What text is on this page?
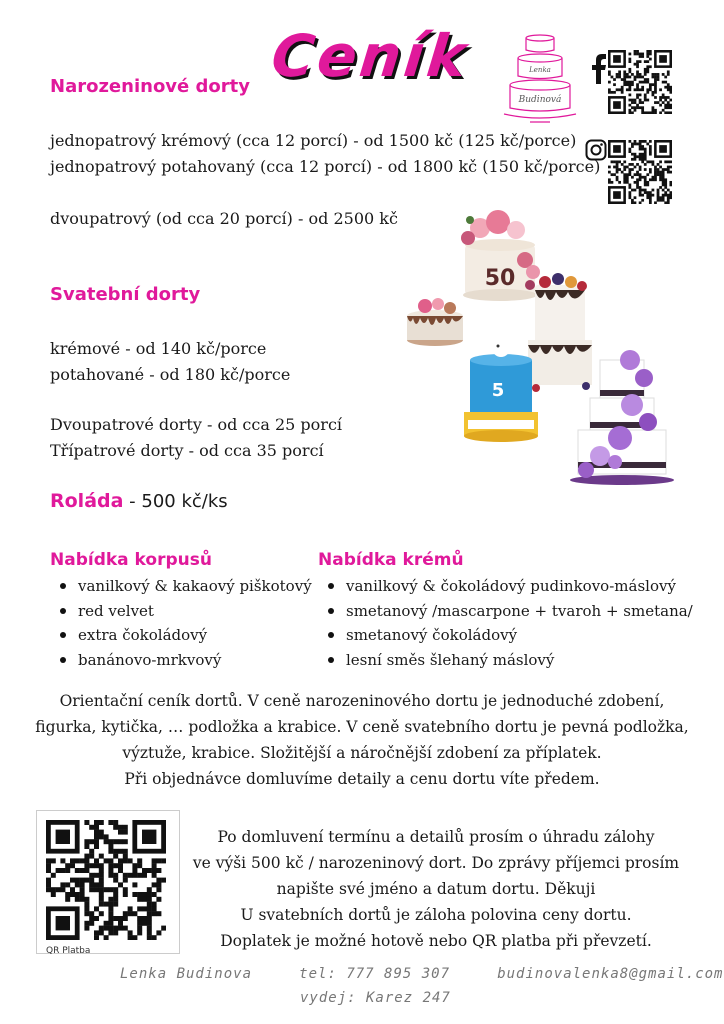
Ceník	Lenka
Budinová
Narozeninové dorty
jednopatrový krémový (cca 12 porcí) - od 1500 kč (125 kč/porce)
jednopatrový potahovaný (cca 12 porcí) - od 1800 kč (150 kč/porce)
dvoupatrový (od cca 20 porcí) - od 2500 kč
Svatební dorty
krémové - od 140 kč/porce
potahované - od 180 kč/porce
Dvoupatrové dorty - od cca 25 porcí
Třípatrové dorty - od cca 35 porcí
50
5
Roláda - 500 kč/ks
Nabídka korpusů
vanilkový & kakaový piškotový
red velvet
extra čokoládový
banánovo-mrkvový
Nabídka krémů
vanilkový & čokoládový pudinkovo-máslový
smetanový /mascarpone + tvaroh + smetana/
smetanový čokoládový
lesní směs šlehaný máslový
Orientační ceník dortů. V ceně narozeninového dortu je jednoduché zdobení,
figurka, kytička, … podložka a krabice. V ceně svatebního dortu je pevná podložka,
výztuže, krabice. Složitější a náročnější zdobení za příplatek.
Při objednávce domluvíme detaily a cenu dortu víte předem.
QR Platba
Po domluvení termínu a detailů prosím o úhradu zálohy
ve výši 500 kč / narozeninový dort. Do zprávy příjemci prosím
napište své jméno a datum dortu. Děkuji
U svatebních dortů je záloha polovina ceny dortu.
Doplatek je možné hotově nebo QR platba při převzetí.
Lenka Budinova	tel: 777 895 307	budinovalenka8@gmail.com
vydej: Karez 247
